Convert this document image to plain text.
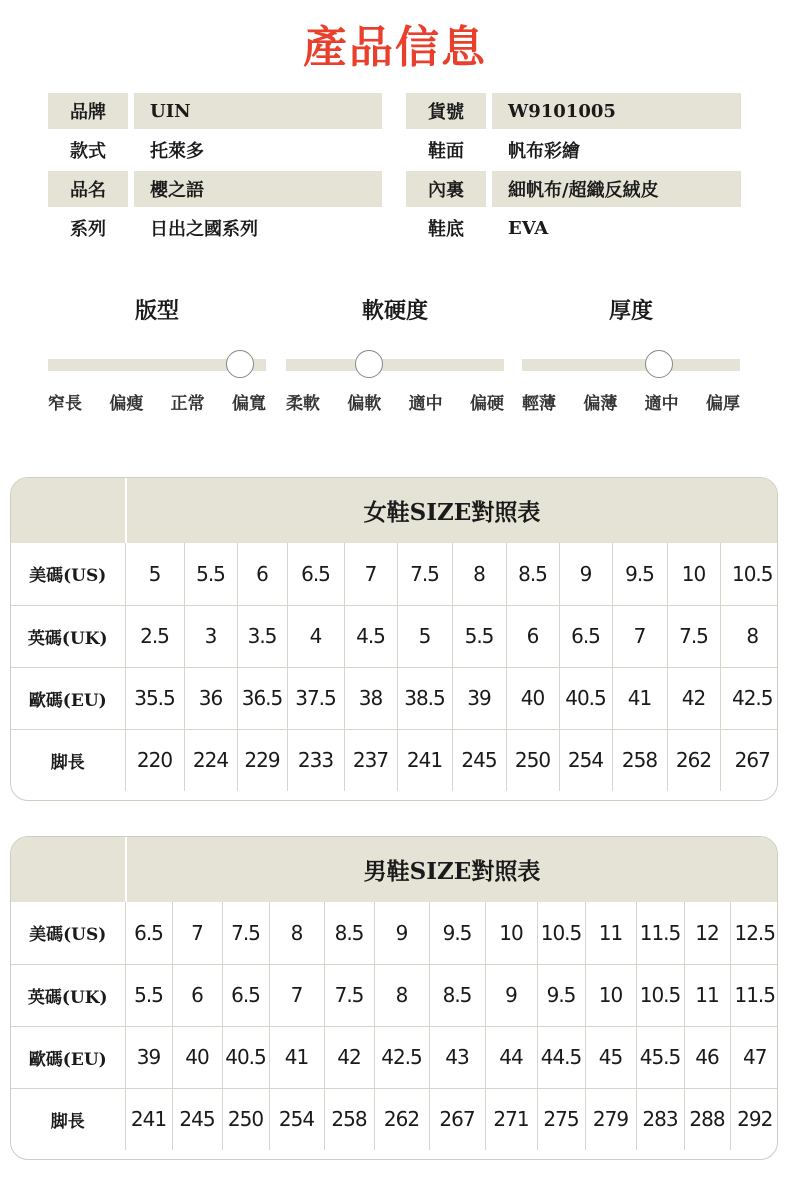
產品信息
品牌	UIN	貨號	W9101005
款式	托萊多	鞋面	帆布彩繪
品名	櫻之語	內裏	細帆布/超織反絨皮
系列	日出之國系列	鞋底	EVA
版型
窄長 偏瘦 正常 偏寬
軟硬度
柔軟 偏軟 適中 偏硬
厚度
輕薄 偏薄 適中 偏厚
女鞋SIZE對照表
美碼(US)	5	5.5	6	6.5	7	7.5	8	8.5	9	9.5	10	10.5
英碼(UK)	2.5	3	3.5	4	4.5	5	5.5	6	6.5	7	7.5	8
歐碼(EU)	35.5	36	36.5	37.5	38	38.5	39	40	40.5	41	42	42.5
脚長	220	224	229	233	237	241	245	250	254	258	262	267
男鞋SIZE對照表
美碼(US)	6.5	7	7.5	8	8.5	9	9.5	10	10.5	11	11.5	12	12.5
英碼(UK)	5.5	6	6.5	7	7.5	8	8.5	9	9.5	10	10.5	11	11.5
歐碼(EU)	39	40	40.5	41	42	42.5	43	44	44.5	45	45.5	46	47
脚長	241	245	250	254	258	262	267	271	275	279	283	288	292
